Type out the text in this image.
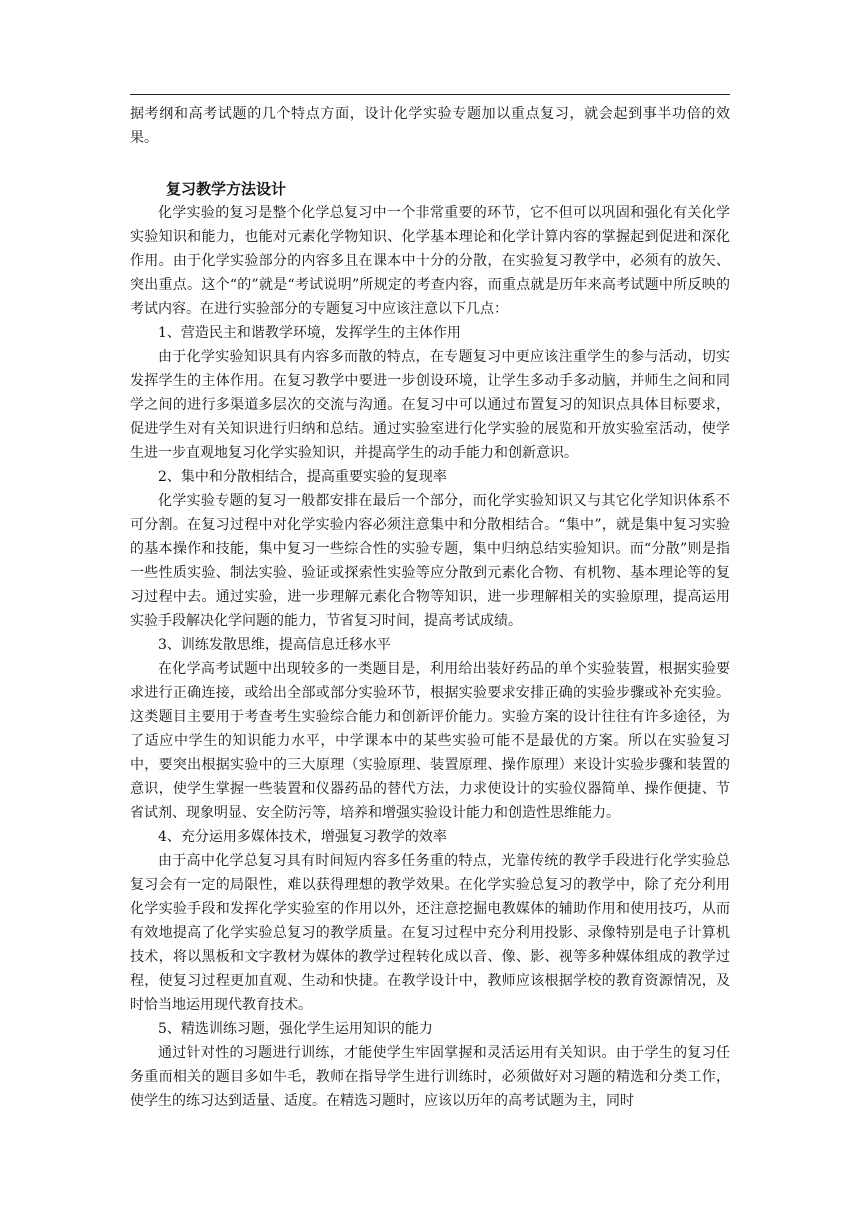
据考纲和高考试题的几个特点方面，设计化学实验专题加以重点复习，就会起到事半功倍的效果。

复习教学方法设计

化学实验的复习是整个化学总复习中一个非常重要的环节，它不但可以巩固和强化有关化学实验知识和能力，也能对元素化学物知识、化学基本理论和化学计算内容的掌握起到促进和深化作用。由于化学实验部分的内容多且在课本中十分的分散，在实验复习教学中，必须有的放矢、突出重点。这个“的”就是“考试说明”所规定的考查内容，而重点就是历年来高考试题中所反映的考试内容。在进行实验部分的专题复习中应该注意以下几点：

1、营造民主和谐教学环境，发挥学生的主体作用

由于化学实验知识具有内容多而散的特点，在专题复习中更应该注重学生的参与活动，切实发挥学生的主体作用。在复习教学中要进一步创设环境，让学生多动手多动脑，并师生之间和同学之间的进行多渠道多层次的交流与沟通。在复习中可以通过布置复习的知识点具体目标要求，促进学生对有关知识进行归纳和总结。通过实验室进行化学实验的展览和开放实验室活动，使学生进一步直观地复习化学实验知识，并提高学生的动手能力和创新意识。

2、集中和分散相结合，提高重要实验的复现率

化学实验专题的复习一般都安排在最后一个部分，而化学实验知识又与其它化学知识体系不可分割。在复习过程中对化学实验内容必须注意集中和分散相结合。“集中”，就是集中复习实验的基本操作和技能，集中复习一些综合性的实验专题，集中归纳总结实验知识。而“分散”则是指一些性质实验、制法实验、验证或探索性实验等应分散到元素化合物、有机物、基本理论等的复习过程中去。通过实验，进一步理解元素化合物等知识，进一步理解相关的实验原理，提高运用实验手段解决化学问题的能力，节省复习时间，提高考试成绩。

3、训练发散思维，提高信息迁移水平

在化学高考试题中出现较多的一类题目是，利用给出装好药品的单个实验装置，根据实验要求进行正确连接，或给出全部或部分实验环节，根据实验要求安排正确的实验步骤或补充实验。这类题目主要用于考查考生实验综合能力和创新评价能力。实验方案的设计往往有许多途径，为了适应中学生的知识能力水平，中学课本中的某些实验可能不是最优的方案。所以在实验复习中，要突出根据实验中的三大原理（实验原理、装置原理、操作原理）来设计实验步骤和装置的意识，使学生掌握一些装置和仪器药品的替代方法，力求使设计的实验仪器简单、操作便捷、节省试剂、现象明显、安全防污等，培养和增强实验设计能力和创造性思维能力。

4、充分运用多媒体技术，增强复习教学的效率

由于高中化学总复习具有时间短内容多任务重的特点，光靠传统的教学手段进行化学实验总复习会有一定的局限性，难以获得理想的教学效果。在化学实验总复习的教学中，除了充分利用化学实验手段和发挥化学实验室的作用以外，还注意挖掘电教媒体的辅助作用和使用技巧，从而有效地提高了化学实验总复习的教学质量。在复习过程中充分利用投影、录像特别是电子计算机技术，将以黑板和文字教材为媒体的教学过程转化成以音、像、影、视等多种媒体组成的教学过程，使复习过程更加直观、生动和快捷。在教学设计中，教师应该根据学校的教育资源情况，及时恰当地运用现代教育技术。

5、精选训练习题，强化学生运用知识的能力

通过针对性的习题进行训练，才能使学生牢固掌握和灵活运用有关知识。由于学生的复习任务重而相关的题目多如牛毛，教师在指导学生进行训练时，必须做好对习题的精选和分类工作，使学生的练习达到适量、适度。在精选习题时，应该以历年的高考试题为主，同时
